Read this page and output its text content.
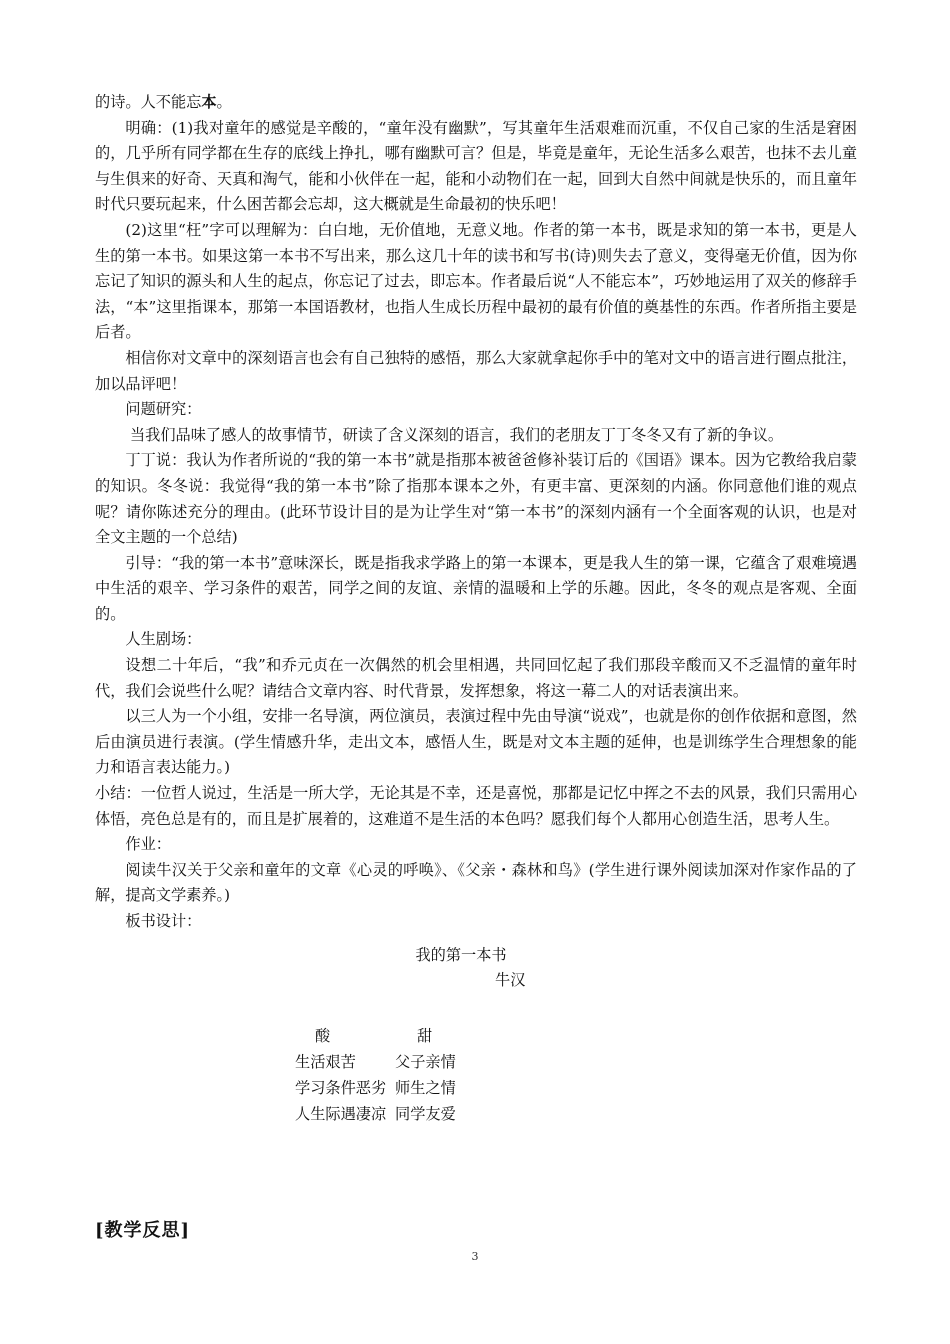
的诗。人不能忘本。

明确：(1)我对童年的感觉是辛酸的，“童年没有幽默”，写其童年生活艰难而沉重，不仅自己家的生活是窘困的，几乎所有同学都在生存的底线上挣扎，哪有幽默可言？但是，毕竟是童年，无论生活多么艰苦，也抹不去儿童与生俱来的好奇、天真和淘气，能和小伙伴在一起，能和小动物们在一起，回到大自然中间就是快乐的，而且童年时代只要玩起来，什么困苦都会忘却，这大概就是生命最初的快乐吧！

(2)这里“枉”字可以理解为：白白地，无价值地，无意义地。作者的第一本书，既是求知的第一本书，更是人生的第一本书。如果这第一本书不写出来，那么这几十年的读书和写书(诗)则失去了意义，变得毫无价值，因为你忘记了知识的源头和人生的起点，你忘记了过去，即忘本。作者最后说“人不能忘本”，巧妙地运用了双关的修辞手法，“本”这里指课本，那第一本国语教材，也指人生成长历程中最初的最有价值的奠基性的东西。作者所指主要是后者。

相信你对文章中的深刻语言也会有自己独特的感悟，那么大家就拿起你手中的笔对文中的语言进行圈点批注，加以品评吧！

问题研究：

当我们品味了感人的故事情节，研读了含义深刻的语言，我们的老朋友丁丁冬冬又有了新的争议。

丁丁说：我认为作者所说的“我的第一本书”就是指那本被爸爸修补装订后的《国语》课本。因为它教给我启蒙的知识。冬冬说：我觉得“我的第一本书”除了指那本课本之外，有更丰富、更深刻的内涵。你同意他们谁的观点呢？请你陈述充分的理由。(此环节设计目的是为让学生对“第一本书”的深刻内涵有一个全面客观的认识，也是对全文主题的一个总结)

引导：“我的第一本书”意味深长，既是指我求学路上的第一本课本，更是我人生的第一课，它蕴含了艰难境遇中生活的艰辛、学习条件的艰苦，同学之间的友谊、亲情的温暖和上学的乐趣。因此，冬冬的观点是客观、全面的。

人生剧场：

设想二十年后，“我”和乔元贞在一次偶然的机会里相遇，共同回忆起了我们那段辛酸而又不乏温情的童年时代，我们会说些什么呢？请结合文章内容、时代背景，发挥想象，将这一幕二人的对话表演出来。

以三人为一个小组，安排一名导演，两位演员，表演过程中先由导演“说戏”，也就是你的创作依据和意图，然后由演员进行表演。(学生情感升华，走出文本，感悟人生，既是对文本主题的延伸，也是训练学生合理想象的能力和语言表达能力。)

小结：一位哲人说过，生活是一所大学，无论其是不幸，还是喜悦，那都是记忆中挥之不去的风景，我们只需用心体悟，亮色总是有的，而且是扩展着的，这难道不是生活的本色吗？愿我们每个人都用心创造生活，思考人生。

作业：

阅读牛汉关于父亲和童年的文章《心灵的呼唤》、《父亲・森林和鸟》(学生进行课外阅读加深对作家作品的了解，提高文学素养。)

板书设计：

我的第一本书

牛汉

酸	甜
生活艰苦	父子亲情
学习条件恶劣 师生之情
人生际遇凄凉 同学友爱
[教学反思]
3
